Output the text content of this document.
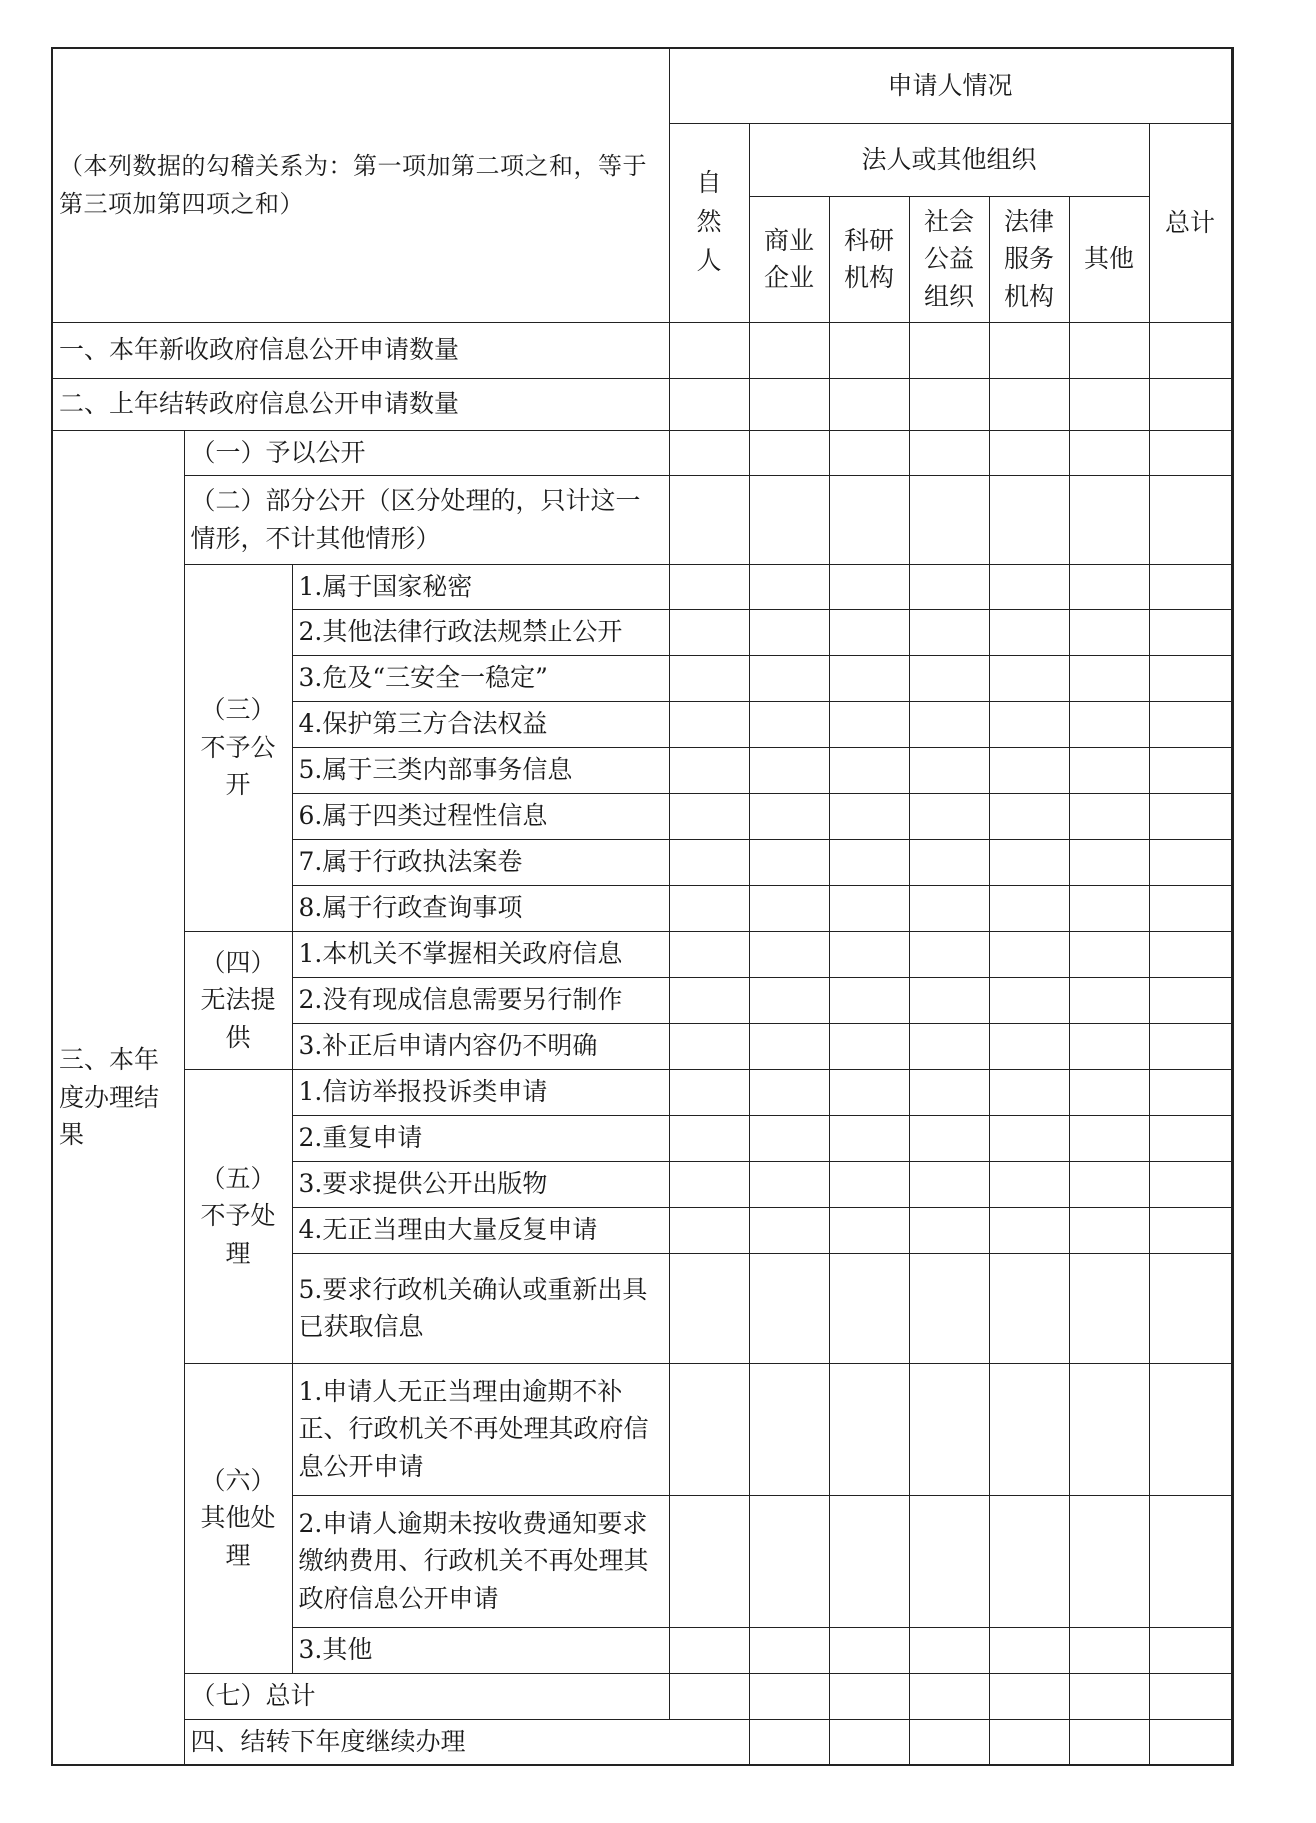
（本列数据的勾稽关系为：第一项加第二项之和，等于第三项加第四项之和）			申请人情况							

			自然人	法人或其他组织					总计	

				商业企业	科研机构	社会公益组织	法律服务机构	其他		
一、本年新收政府信息公开申请数量										
二、上年结转政府信息公开申请数量										

三、本年度办理结果	（一）予以公开									
	（二）部分公开（区分处理的，只计这一情形，不计其他情形）									

	（三）不予公开	1.属于国家秘密								
		2.其他法律行政法规禁止公开								
		3.危及“三安全一稳定”								
		4.保护第三方合法权益								
		5.属于三类内部事务信息								
		6.属于四类过程性信息								
		7.属于行政执法案卷								
		8.属于行政查询事项								

	（四）无法提供	1.本机关不掌握相关政府信息								
		2.没有现成信息需要另行制作								
		3.补正后申请内容仍不明确								

	（五）不予处理	1.信访举报投诉类申请								
		2.重复申请								
		3.要求提供公开出版物								
		4.无正当理由大量反复申请								
		5.要求行政机关确认或重新出具已获取信息								

	（六）其他处理	1.申请人无正当理由逾期不补正、行政机关不再处理其政府信息公开申请								
		2.申请人逾期未按收费通知要求缴纳费用、行政机关不再处理其政府信息公开申请								
		3.其他								
	（七）总计									
	四、结转下年度继续办理									
